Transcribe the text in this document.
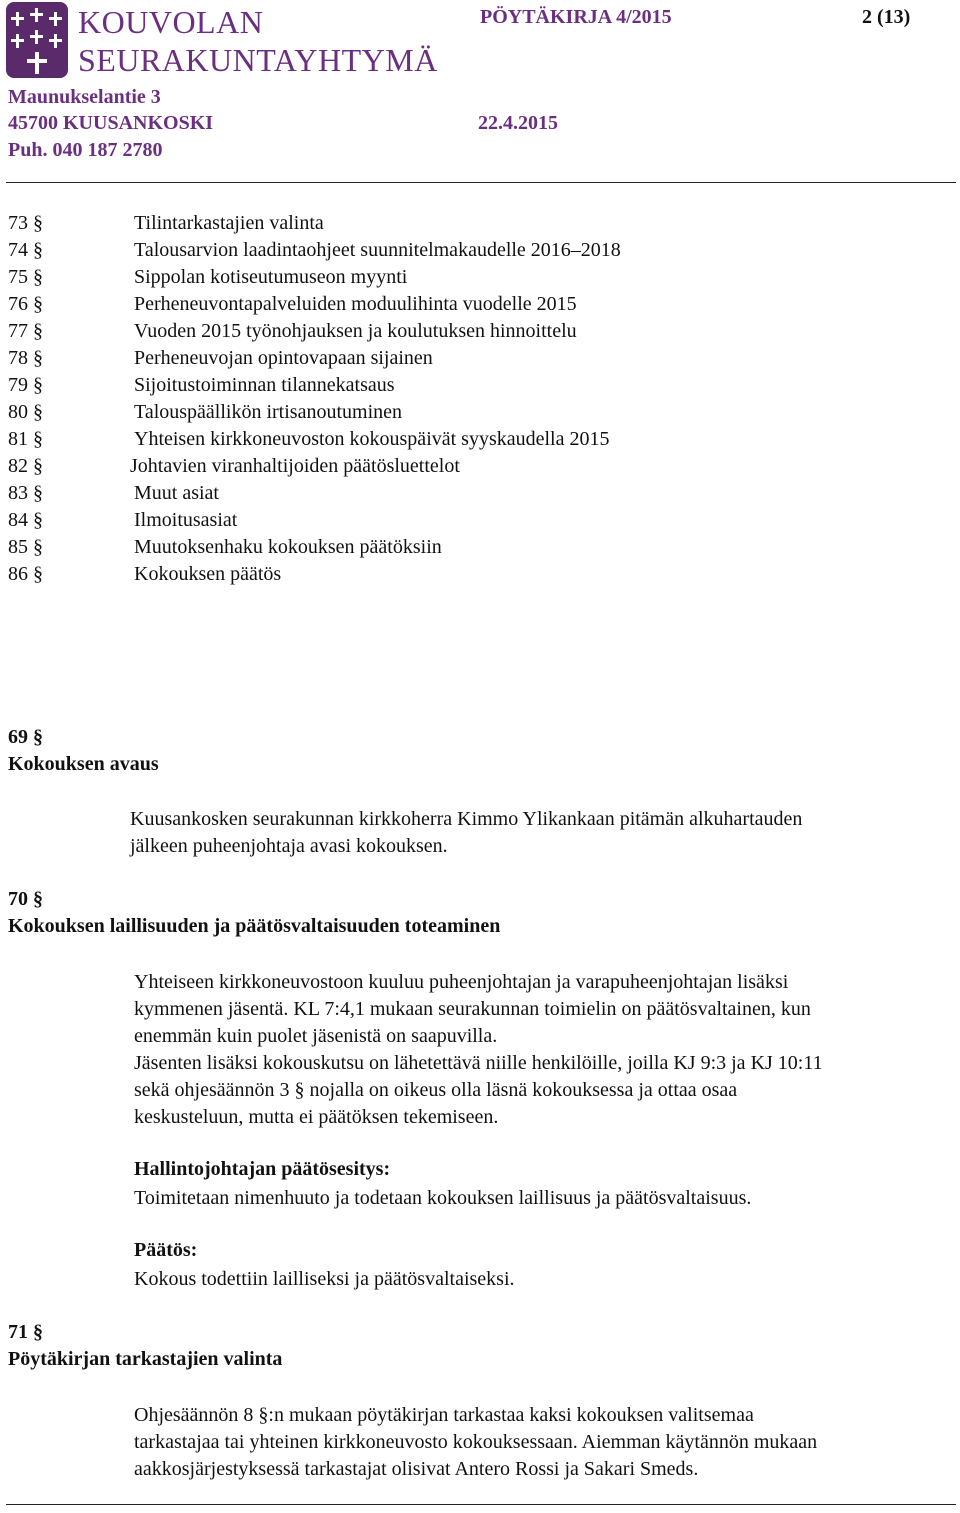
KOUVOLAN
SEURAKUNTAYHTYMÄ
PÖYTÄKIRJA 4/2015	2 (13)
Maunukselantie 3
45700 KUUSANKOSKI	22.4.2015
Puh. 040 187 2780
73 §	Tilintarkastajien valinta
74 §	Talousarvion laadintaohjeet suunnitelmakaudelle 2016–2018
75 §	Sippolan kotiseutumuseon myynti
76 §	Perheneuvontapalveluiden moduulihinta vuodelle 2015
77 §	Vuoden 2015 työnohjauksen ja koulutuksen hinnoittelu
78 §	Perheneuvojan opintovapaan sijainen
79 §	Sijoitustoiminnan tilannekatsaus
80 §	Talouspäällikön irtisanoutuminen
81 §	Yhteisen kirkkoneuvoston kokouspäivät syyskaudella 2015
82 §	Johtavien viranhaltijoiden päätösluettelot
83 §	Muut asiat
84 §	Ilmoitusasiat
85 §	Muutoksenhaku kokouksen päätöksiin
86 §	Kokouksen päätös
69 §
Kokouksen avaus
Kuusankosken seurakunnan kirkkoherra Kimmo Ylikankaan pitämän alkuhartauden
jälkeen puheenjohtaja avasi kokouksen.
70 §
Kokouksen laillisuuden ja päätösvaltaisuuden toteaminen
Yhteiseen kirkkoneuvostoon kuuluu puheenjohtajan ja varapuheenjohtajan lisäksi
kymmenen jäsentä. KL 7:4,1 mukaan seurakunnan toimielin on päätösvaltainen, kun
enemmän kuin puolet jäsenistä on saapuvilla.
Jäsenten lisäksi kokouskutsu on lähetettävä niille henkilöille, joilla KJ 9:3 ja KJ 10:11
sekä ohjesäännön 3 § nojalla on oikeus olla läsnä kokouksessa ja ottaa osaa
keskusteluun, mutta ei päätöksen tekemiseen.
Hallintojohtajan päätösesitys:
Toimitetaan nimenhuuto ja todetaan kokouksen laillisuus ja päätösvaltaisuus.
Päätös:
Kokous todettiin lailliseksi ja päätösvaltaiseksi.
71 §
Pöytäkirjan tarkastajien valinta
Ohjesäännön 8 §:n mukaan pöytäkirjan tarkastaa kaksi kokouksen valitsemaa
tarkastajaa tai yhteinen kirkkoneuvosto kokouksessaan. Aiemman käytännön mukaan
aakkosjärjestyksessä tarkastajat olisivat Antero Rossi ja Sakari Smeds.
